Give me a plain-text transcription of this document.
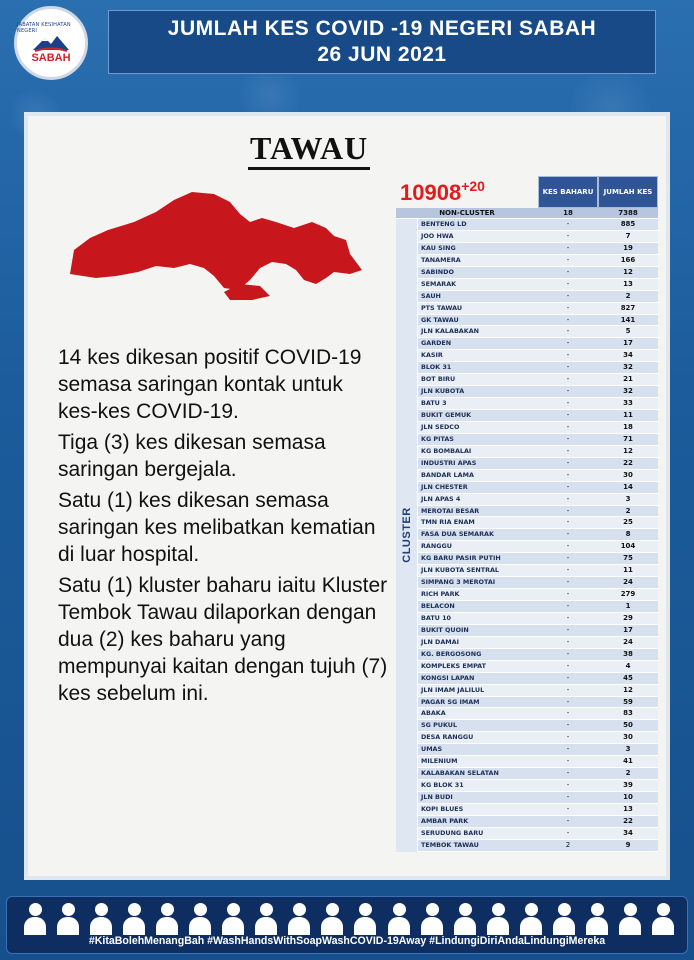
JABATAN KESIHATAN NEGERI
SABAH
JUMLAH KES COVID -19 NEGERI SABAH
26 JUN 2021
TAWAU

14 kes dikesan positif COVID-19 semasa saringan kontak untuk kes-kes COVID-19.

Tiga (3) kes dikesan semasa saringan bergejala.

Satu (1) kes dikesan semasa saringan kes melibatkan kematian di luar hospital.

Satu (1) kluster baharu iaitu Kluster Tembok Tawau dilaporkan dengan dua (2) kes baharu yang mempunyai kaitan dengan tujuh (7) kes sebelum ini.

$10908^{+20}$	KES BAHARU	JUMLAH KES
NON-CLUSTER	18	7388
CLUSTER
BENTENG LD	-	885
JOO HWA	-	7
KAU SING	-	19
TANAMERA	-	166
SABINDO	-	12
SEMARAK	-	13
SAUH	-	2
PTS TAWAU	-	827
GK TAWAU	-	141
JLN KALABAKAN	-	5
GARDEN	-	17
KASIR	-	34
BLOK 31	-	32
BOT BIRU	-	21
JLN KUBOTA	-	32
BATU 3	-	33
BUKIT GEMUK	-	11
JLN SEDCO	-	18
KG PITAS	-	71
KG BOMBALAI	-	12
INDUSTRI APAS	-	22
BANDAR LAMA	-	30
JLN CHESTER	-	14
JLN APAS 4	-	3
MEROTAI BESAR	-	2
TMN RIA ENAM	-	25
FASA DUA SEMARAK	-	8
RANGGU	-	104
KG BARU PASIR PUTIH	-	75
JLN KUBOTA SENTRAL	-	11
SIMPANG 3 MEROTAI	-	24
RICH PARK	-	279
BELACON	-	1
BATU 10	-	29
BUKIT QUOIN	-	17
JLN DAMAI	-	24
KG. BERGOSONG	-	38
KOMPLEKS EMPAT	-	4
KONGSI LAPAN	-	45
JLN IMAM JALILUL	-	12
PAGAR SG IMAM	-	59
ABAKA	-	83
SG PUKUL	-	50
DESA RANGGU	-	30
UMAS	-	3
MILENIUM	-	41
KALABAKAN SELATAN	-	2
KG BLOK 31	-	39
JLN BUDI	-	10
KOPI BLUES	-	13
AMBAR PARK	-	22
SERUDUNG BARU	-	34
TEMBOK TAWAU	2	9
#KitaBolehMenangBah #WashHandsWithSoapWashCOVID-19Away #LindungiDiriAndaLindungiMereka
